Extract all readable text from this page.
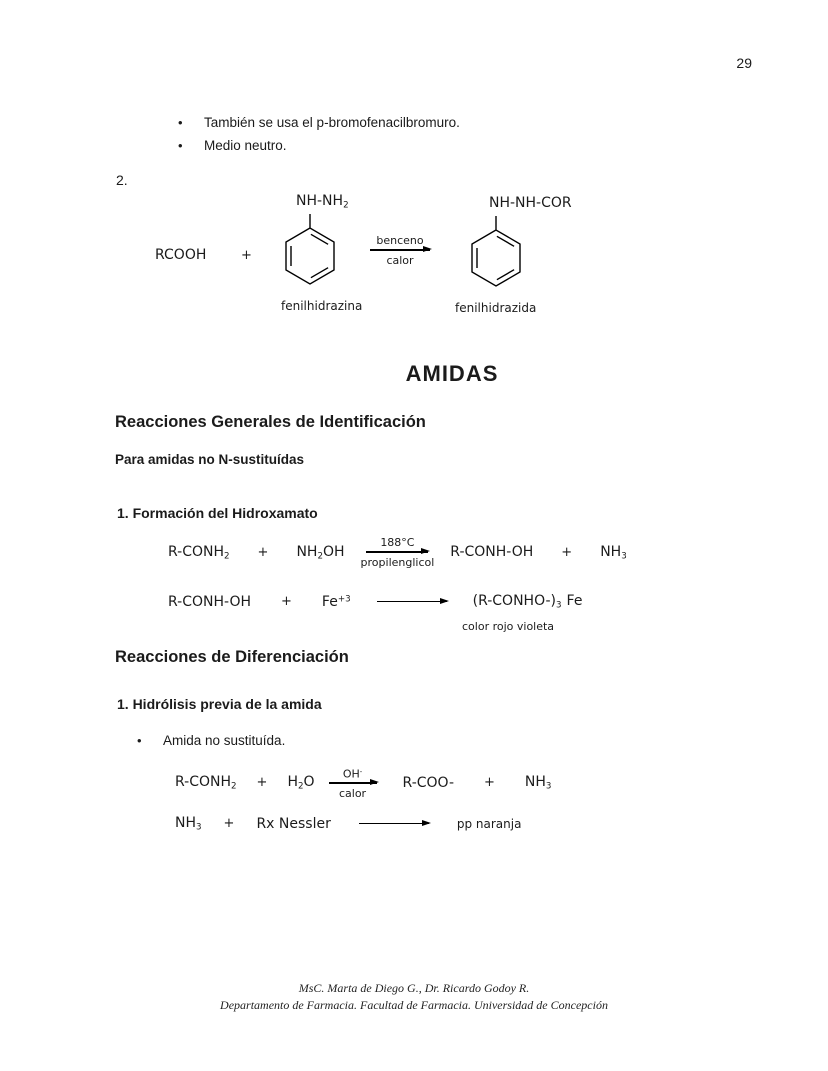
29
•	También se usa el p-bromofenacilbromuro.
•	Medio neutro.
2.
RCOOH	+
$NH-NH_2$
fenilhidrazina
benceno
calor
NH-NH-COR
fenilhidrazida
AMIDAS
Reacciones Generales de Identificación
Para amidas no N-sustituídas
1. Formación del Hidroxamato
$R-CONH_2 + NH_2OH$
188°C
propilenglicol
R-CONH-OH + $NH_3$
R-CONH-OH + $Fe^{+3}$	$(R-CONHO-)_3$ Fe
color rojo violeta
Reacciones de Diferenciación
1. Hidrólisis previa de la amida
•	Amida no sustituída.
$R-CONH_2 + H_2O$
OH-
calor
$R-COO- + NH_3$
$NH_3 + Rx$ Nessler	pp naranja
MsC. Marta de Diego G., Dr. Ricardo Godoy R.
Departamento de Farmacia. Facultad de Farmacia. Universidad de Concepción
